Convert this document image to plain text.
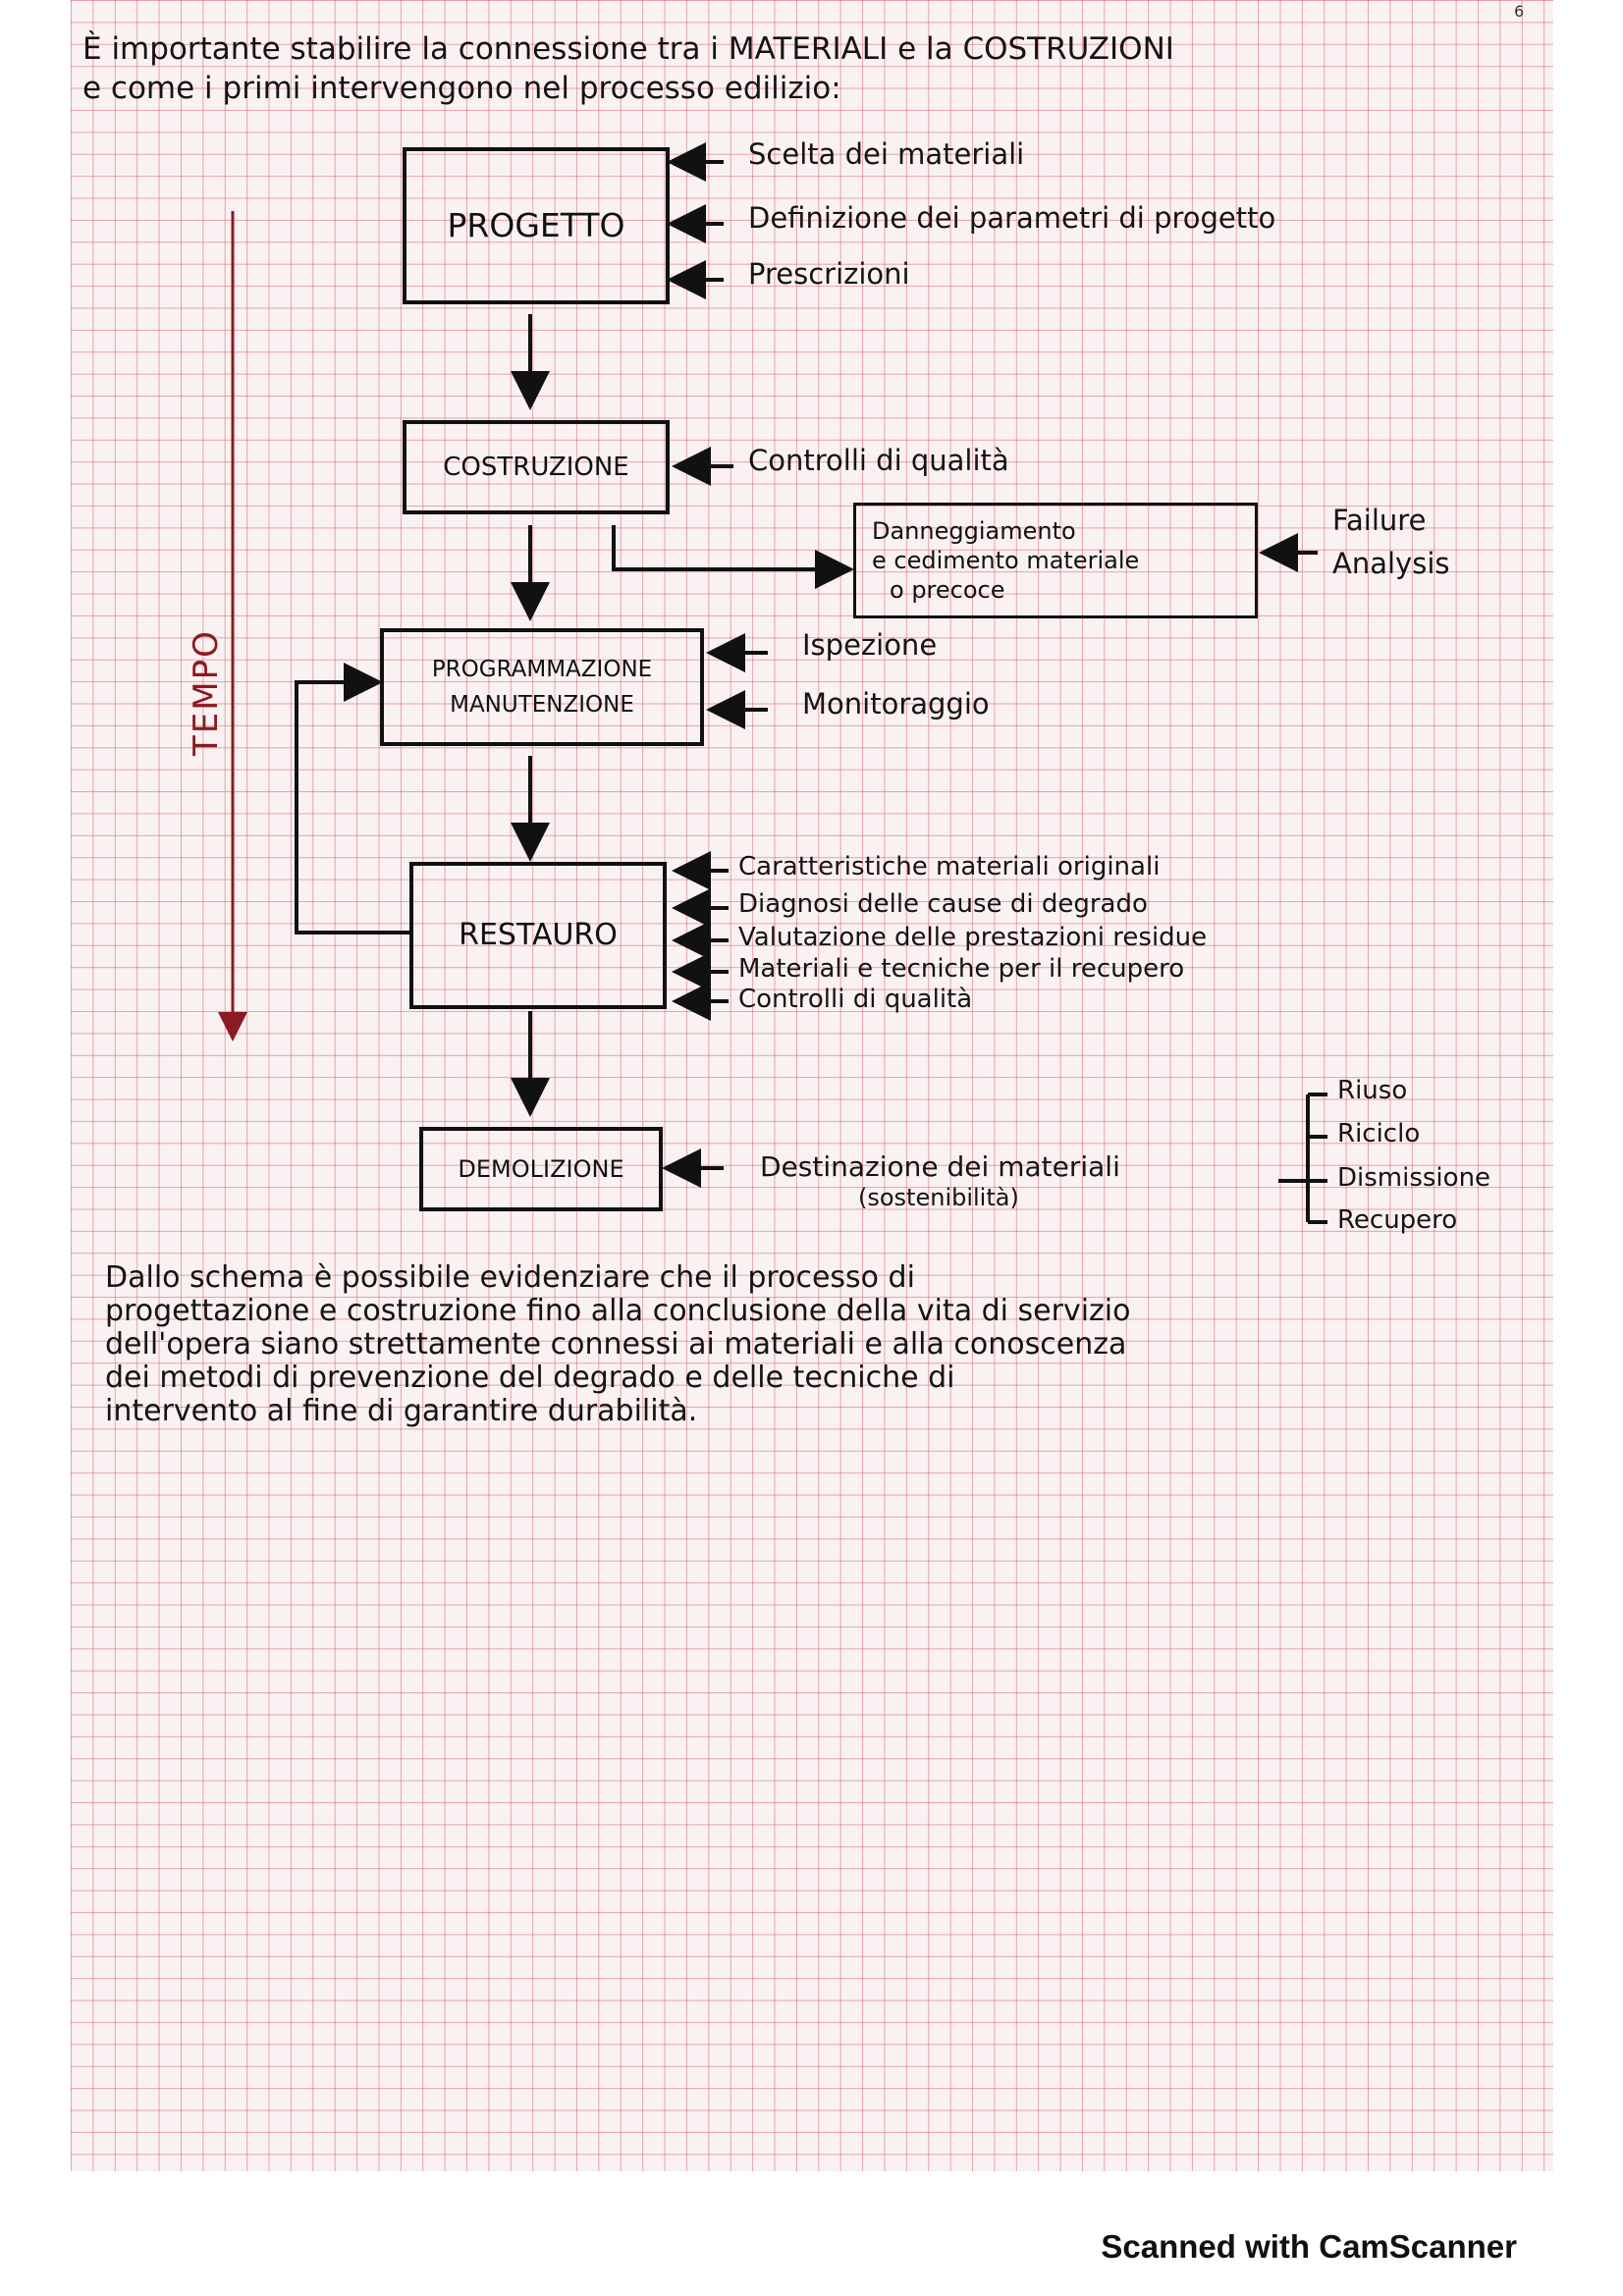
6
È importante stabilire la connessione tra i MATERIALI e la COSTRUZIONI
e come i primi intervengono nel processo edilizio:
TEMPO
PROGETTO
Scelta dei materiali
Definizione dei parametri di progetto
Prescrizioni
COSTRUZIONE	Controlli di qualità
Danneggiamento
e cedimento materiale
o precoce
Failure
Analysis
PROGRAMMAZIONE
MANUTENZIONE
Ispezione
Monitoraggio
RESTAURO
Caratteristiche materiali originali
Diagnosi delle cause di degrado
Valutazione delle prestazioni residue
Materiali e tecniche per il recupero
Controlli di qualità
DEMOLIZIONE	Destinazione dei materiali
(sostenibilità)
Riuso
Riciclo
Dismissione
Recupero
Dallo schema è possibile evidenziare che il processo di
progettazione e costruzione fino alla conclusione della vita di servizio
dell'opera siano strettamente connessi ai materiali e alla conoscenza
dei metodi di prevenzione del degrado e delle tecniche di
intervento al fine di garantire durabilità.
Scanned with CamScanner
